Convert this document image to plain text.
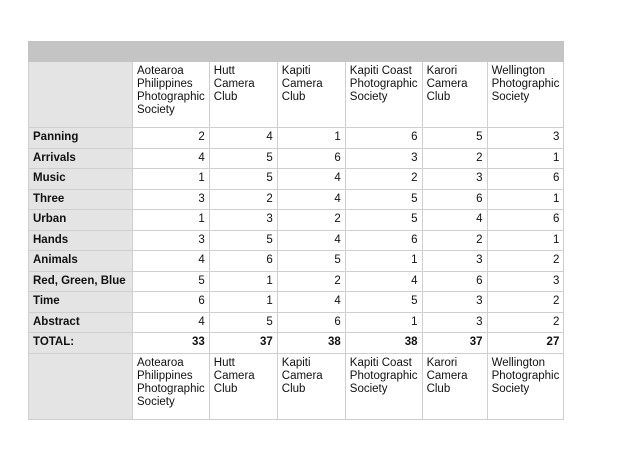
	Aotearoa
Philippines
Photographic
Society	Hutt
Camera
Club	Kapiti
Camera
Club	Kapiti Coast
Photographic
Society	Karori
Camera
Club	Wellington
Photographic
Society

Panning	2	4	1	6	5	3
Arrivals	4	5	6	3	2	1
Music	1	5	4	2	3	6
Three	3	2	4	5	6	1
Urban	1	3	2	5	4	6
Hands	3	5	4	6	2	1
Animals	4	6	5	1	3	2
Red, Green, Blue	5	1	2	4	6	3
Time	6	1	4	5	3	2
Abstract	4	5	6	1	3	2
TOTAL:	33	37	38	38	37	27

	Aotearoa
Philippines
Photographic
Society	Hutt
Camera
Club	Kapiti
Camera
Club	Kapiti Coast
Photographic
Society	Karori
Camera
Club	Wellington
Photographic
Society
